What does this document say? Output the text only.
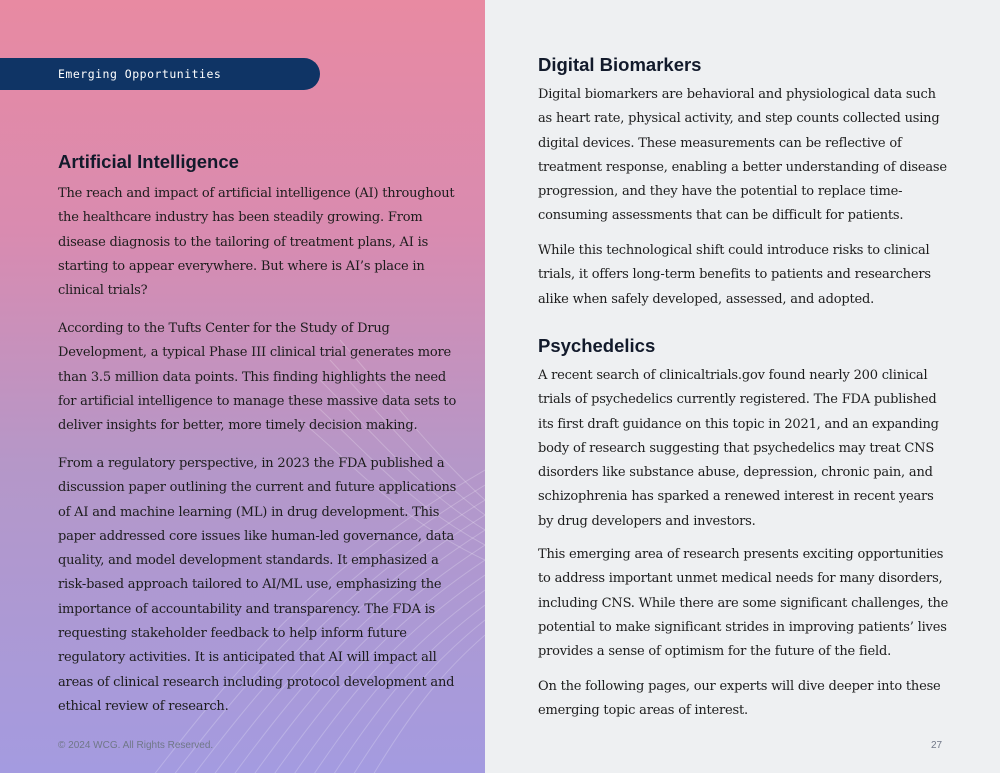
Emerging Opportunities
Artificial Intelligence

The reach and impact of artificial intelligence (AI) throughout the healthcare industry has been steadily growing. From disease diagnosis to the tailoring of treatment plans, AI is starting to appear everywhere. But where is AI’s place in clinical trials?

According to the Tufts Center for the Study of Drug Development, a typical Phase III clinical trial generates more than 3.5 million data points. This finding highlights the need for artificial intelligence to manage these massive data sets to deliver insights for better, more timely decision making.

From a regulatory perspective, in 2023 the FDA published a discussion paper outlining the current and future applications of AI and machine learning (ML) in drug development. This paper addressed core issues like human-led governance, data quality, and model development standards. It emphasized a risk-based approach tailored to AI/ML use, emphasizing the importance of accountability and transparency. The FDA is requesting stakeholder feedback to help inform future regulatory activities. It is anticipated that AI will impact all areas of clinical research including protocol development and ethical review of research.

© 2024 WCG. All Rights Reserved.
Digital Biomarkers

Digital biomarkers are behavioral and physiological data such as heart rate, physical activity, and step counts collected using digital devices. These measurements can be reflective of treatment response, enabling a better understanding of disease progression, and they have the potential to replace time-consuming assessments that can be difficult for patients.

While this technological shift could introduce risks to clinical trials, it offers long-term benefits to patients and researchers alike when safely developed, assessed, and adopted.

Psychedelics

A recent search of clinicaltrials.gov found nearly 200 clinical trials of psychedelics currently registered. The FDA published its first draft guidance on this topic in 2021, and an expanding body of research suggesting that psychedelics may treat CNS disorders like substance abuse, depression, chronic pain, and schizophrenia has sparked a renewed interest in recent years by drug developers and investors.

This emerging area of research presents exciting opportunities to address important unmet medical needs for many disorders, including CNS. While there are some significant challenges, the potential to make significant strides in improving patients’ lives provides a sense of optimism for the future of the field.

On the following pages, our experts will dive deeper into these emerging topic areas of interest.

27
